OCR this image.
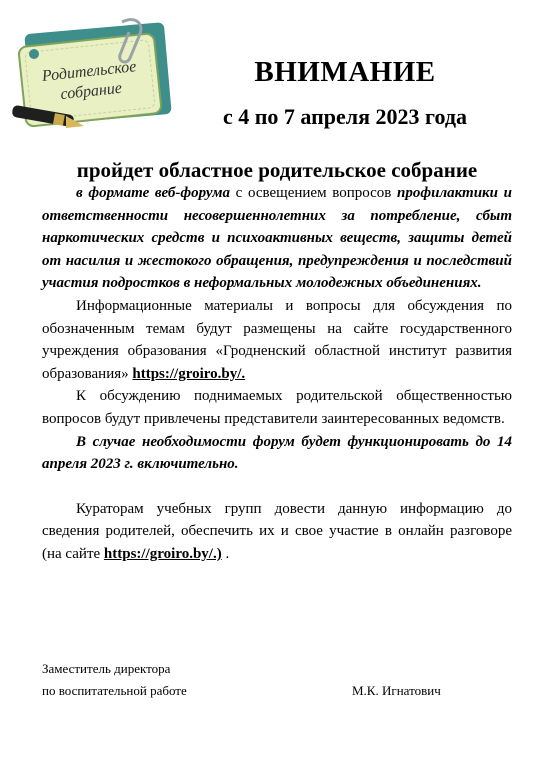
Родительское
собрание
ВНИМАНИЕ
с 4 по 7 апреля 2023 года
пройдет областное родительское собрание

в формате веб-форума с освещением вопросов профилактики и ответственности несовершеннолетних за потребление, сбыт наркотических средств и психоактивных веществ, защиты детей от насилия и жестокого обращения, предупреждения и последствий участия подростков в неформальных молодежных объединениях.

Информационные материалы и вопросы для обсуждения по обозначенным темам будут размещены на сайте государственного учреждения образования «Гродненский областной институт развития образования» https://groiro.by/.

К обсуждению поднимаемых родительской общественностью вопросов будут привлечены представители заинтересованных ведомств.

В случае необходимости форум будет функционировать до 14 апреля 2023 г. включительно.

Кураторам учебных групп довести данную информацию до сведения родителей, обеспечить их и свое участие в онлайн разговоре (на сайте https://groiro.by/.) .

Заместитель директора
по воспитательной работе	М.К. Игнатович
